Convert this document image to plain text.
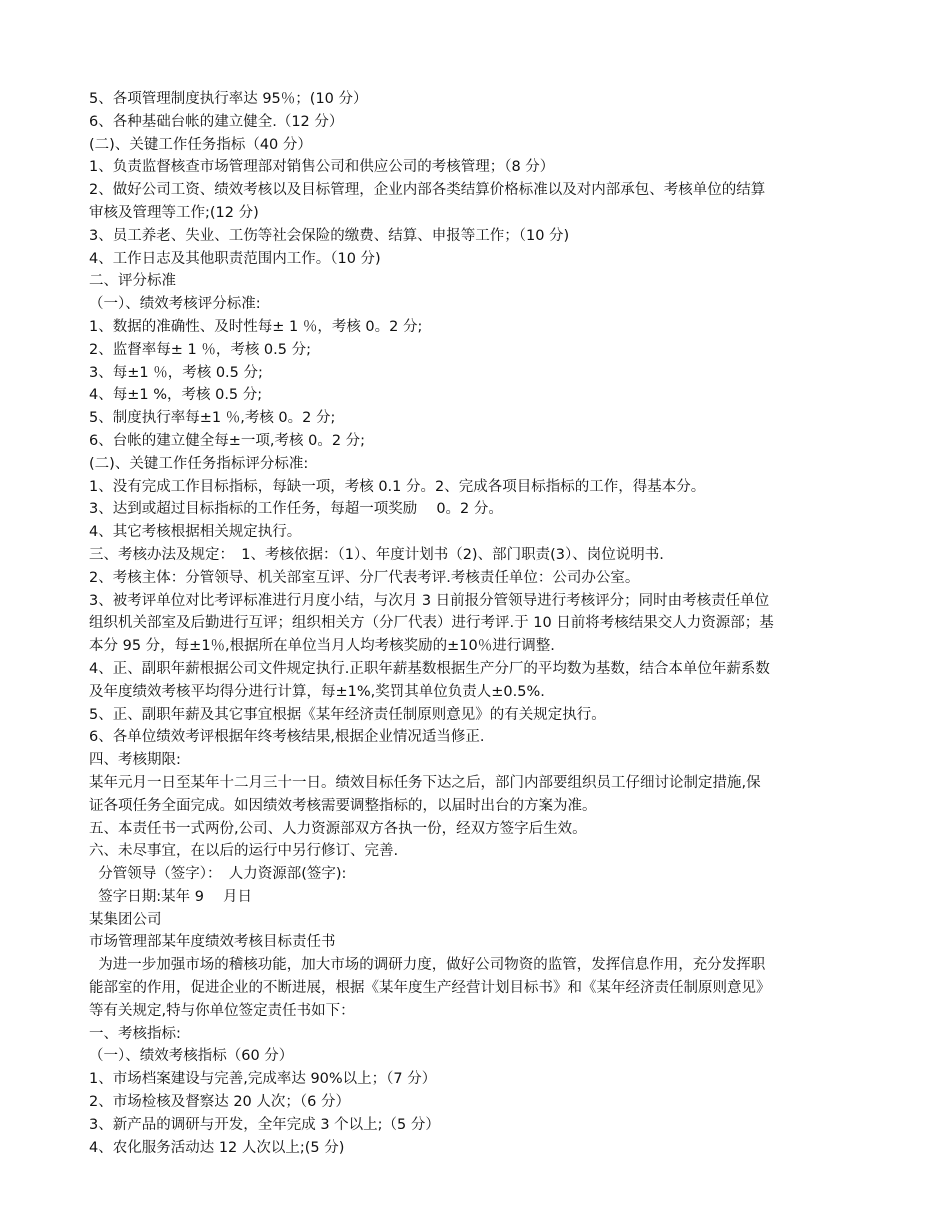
5、各项管理制度执行率达 95％；(10 分）
6、各种基础台帐的建立健全.（12 分）
(二)、关键工作任务指标（40 分）
1、负责监督核查市场管理部对销售公司和供应公司的考核管理；（8 分）
2、做好公司工资、绩效考核以及目标管理，企业内部各类结算价格标准以及对内部承包、考核单位的结算
审核及管理等工作;(12 分)
3、员工养老、失业、工伤等社会保险的缴费、结算、申报等工作；（10 分)
4、工作日志及其他职责范围内工作。（10 分)
二、评分标准
（一）、绩效考核评分标准:
1、数据的准确性、及时性每± 1 ％，考核 0。2 分;
2、监督率每± 1 ％，考核 0.5 分;
3、每±1 ％，考核 0.5 分;
4、每±1 %，考核 0.5 分;
5、制度执行率每±1 ％,考核 0。2 分;
6、台帐的建立健全每±一项,考核 0。2 分;
(二)、关键工作任务指标评分标准:
1、没有完成工作目标指标，每缺一项，考核 0.1 分。2、完成各项目标指标的工作，得基本分。
3、达到或超过目标指标的工作任务，每超一项奖励 　0。2 分。
4、其它考核根据相关规定执行。
三、考核办法及规定：　1、考核依据：（1）、年度计划书（2)、部门职责(3）、岗位说明书.
2、考核主体：分管领导、机关部室互评、分厂代表考评.考核责任单位：公司办公室。
3、被考评单位对比考评标准进行月度小结，与次月 3 日前报分管领导进行考核评分；同时由考核责任单位
组织机关部室及后勤进行互评；组织相关方（分厂代表）进行考评.于 10 日前将考核结果交人力资源部；基
本分 95 分，每±1％,根据所在单位当月人均考核奖励的±10％进行调整.
4、正、副职年薪根据公司文件规定执行.正职年薪基数根据生产分厂的平均数为基数，结合本单位年薪系数
及年度绩效考核平均得分进行计算，每±1%,奖罚其单位负责人±0.5%.
5、正、副职年薪及其它事宜根据《某年经济责任制原则意见》的有关规定执行。
6、各单位绩效考评根据年终考核结果,根据企业情况适当修正.
四、考核期限:
某年元月一日至某年十二月三十一日。绩效目标任务下达之后，部门内部要组织员工仔细讨论制定措施,保
证各项任务全面完成。如因绩效考核需要调整指标的，以届时出台的方案为准。
五、本责任书一式两份,公司、人力资源部双方各执一份，经双方签字后生效。
六、未尽事宜，在以后的运行中另行修订、完善.
分管领导（签字）：　人力资源部(签字):
签字日期:某年 9　 月日
某集团公司
市场管理部某年度绩效考核目标责任书
为进一步加强市场的稽核功能，加大市场的调研力度，做好公司物资的监管，发挥信息作用，充分发挥职
能部室的作用，促进企业的不断进展，根据《某年度生产经营计划目标书》和《某年经济责任制原则意见》
等有关规定,特与你单位签定责任书如下：
一、考核指标:
（一）、绩效考核指标（60 分）
1、市场档案建设与完善,完成率达 90%以上；（7 分）
2、市场检核及督察达 20 人次；（6 分）
3、新产品的调研与开发，全年完成 3 个以上;（5 分）
4、农化服务活动达 12 人次以上;(5 分)
